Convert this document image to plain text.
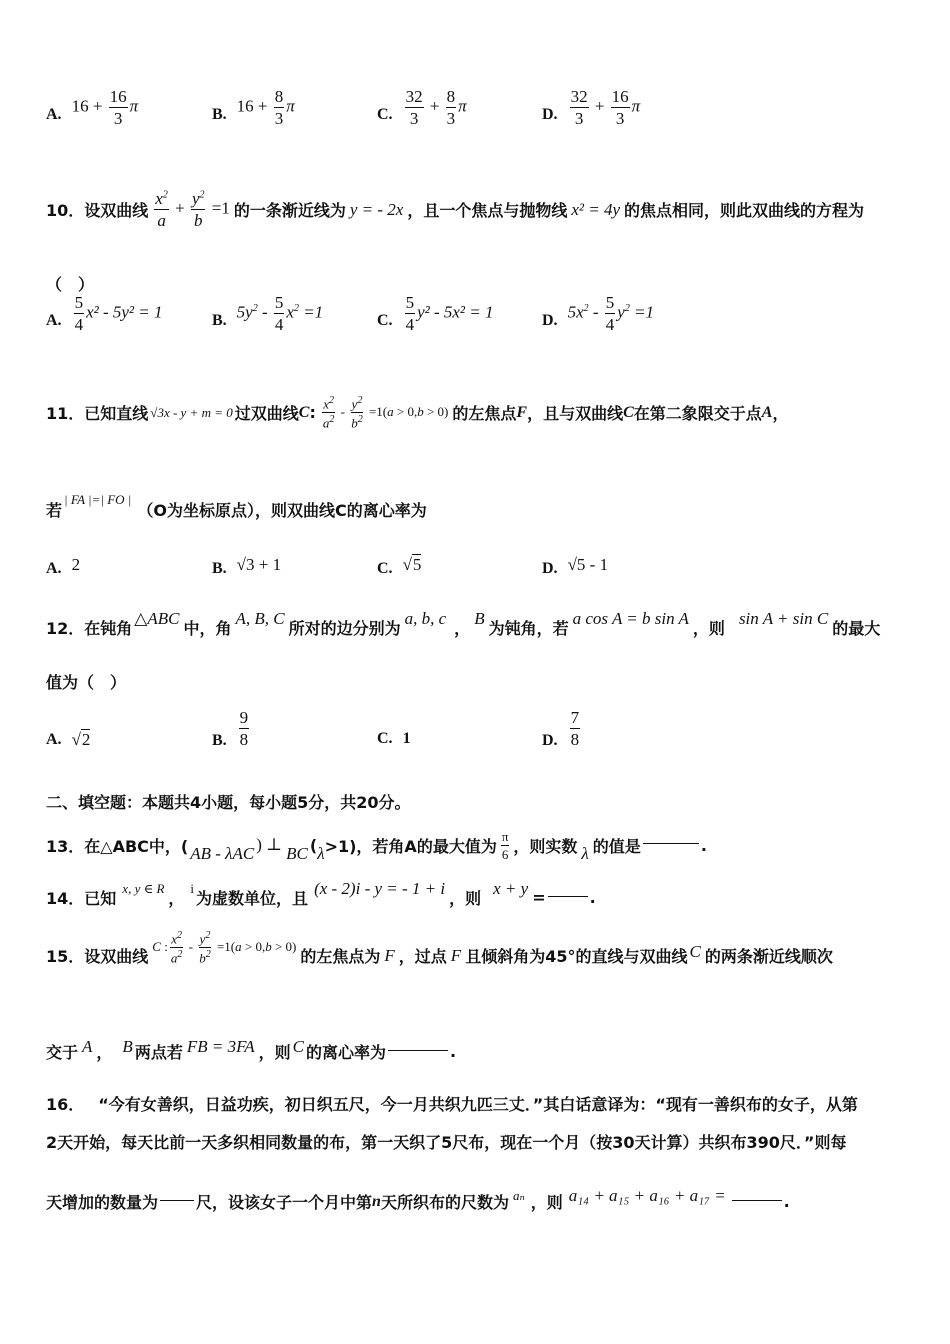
A. $16 + \frac{16}{3}$ π	B. $16 + \frac{8}{3}$ π	C. $\frac{32}{3} + \frac{8}{3}$ π	D. $\frac{32}{3} + \frac{16}{3}$ π
10． 设双曲线 $\frac{x^2}{a} + \frac{y^2}{b} =1$ 的一条渐近线为 y = - 2x ，且一个焦点与抛物线 x² = 4y 的焦点相同，则此双曲线的方程为
（　）
A. $\frac{5}{4} x^2 - 5y^2 = 1$	B. $5y^2 - \frac{5}{4} x^2 =1$	C. $\frac{5}{4} y^2 - 5x^2 = 1$	D. $5x^2 - \frac{5}{4} y^2 =1$
11． 已知直线 √3x - y + m = 0 过双曲线 C : $\frac{x^2}{a^2} - \frac{y^2}{b^2} =1(a > 0,b > 0)$ 的左焦点 F ，且与双曲线 C 在第二象限交于点 A ，
若
| FA |=| FO |
（O为坐标原点），则双曲线C的离心率为
A. 2	B. √3 + 1	C. √5	D. √5 - 1
12． 在钝角
△ABC
中，角
A, B, C
所对的边分别为
a, b, c
，
B
为钝角，若
a cos A = b sin A
，则
sin A + sin C
的最大
值为（　）
A. √2	B. $\frac{9}{8}$	C. 1	D. $\frac{7}{8}$
二、填空题：本题共4小题，每小题5分，共20分。
13． 在△ABC中，( AB - λAC ) ⊥ BC ( λ >1)，若角A的最大值为 $\frac{\pi}{6}$ ，则实数 λ 的值是	.
14． 已知
x, y ∈ R
，
i
为虚数单位，且
(x - 2)i - y = - 1 + i
，则
x + y =	.
15． 设双曲线
C : $\frac{x^2}{a^2} - \frac{y^2}{b^2} =1(a > 0,b > 0)$
的左焦点为 F ，过点 F 且倾斜角为45°的直线与双曲线 C 的两条渐近线顺次
交于 A ， B 两点若 FB = 3FA ，则 C 的离心率为	.
16． “今有女善织，日益功疾，初日织五尺，今一月共织九匹三丈．”其白话意译为：“现有一善织布的女子，从第
2天开始，每天比前一天多织相同数量的布，第一天织了5尺布，现在一个月（按30天计算）共织布390尺．”则每
天增加的数量为 尺，设该女子一个月中第 n 天所织布的尺数为 aₙ ，则 a₁₄ + a₁₅ + a₁₆ + a₁₇ =	.
